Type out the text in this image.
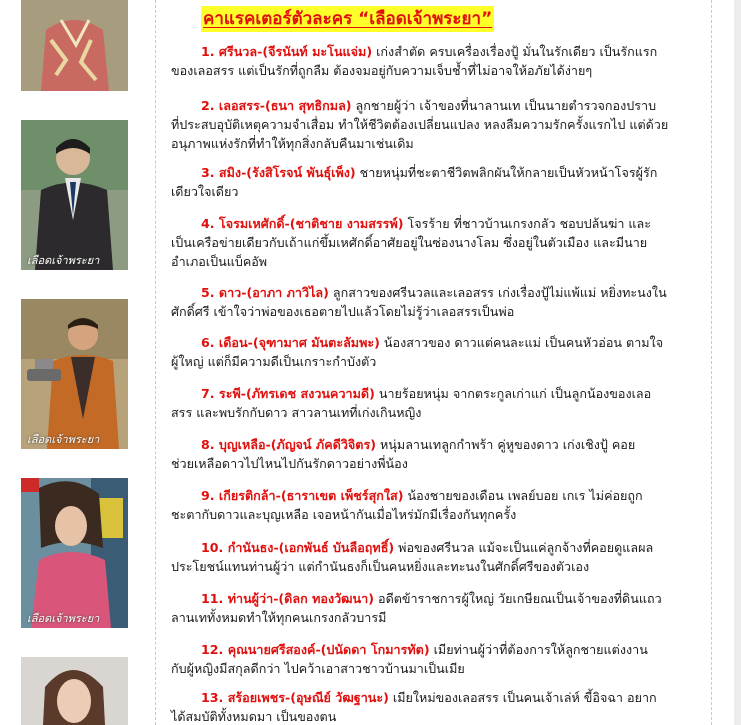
เลือดเจ้าพระยา
เลือดเจ้าพระยา
เลือดเจ้าพระยา
คาแรคเตอร์ตัวละคร “เลือดเจ้าพระยา”
1. ศรีนวล-(จีรนันท์ มะโนแจ่ม) เก่งสำตัด ครบเครื่องเรื่องปู้ มั่นในรักเดียว เป็นรักแรก
ของเลอสรร แต่เป็นรักที่ถูกลืม ต้องจมอยู่กับความเจ็บช้ำที่ไม่อาจให้อภัยได้ง่ายๆ
2. เลอสรร-(ธนา สุทธิกมล) ลูกชายผู้ว่า เจ้าของที่นาลานเท เป็นนายตำรวจกองปราบ
ที่ประสบอุบัติเหตุความจำเสื่อม ทำให้ชีวิตต้องเปลี่ยนแปลง หลงลืมความรักครั้งแรกไป แต่ด้วย
อนุภาพแห่งรักที่ทำให้ทุกสิ่งกลับคืนมาเช่นเดิม
3. สมิง-(รังสิโรจน์ พันธุ์เพ็ง) ชายหนุ่มที่ชะตาชีวิตพลิกผันให้กลายเป็นหัวหน้าโจรผู้รัก
เดียวใจเดียว
4. โจรมเหศักดิ์-(ชาติชาย งามสรรพ์) โจรร้าย ที่ชาวบ้านเกรงกลัว ชอบปล้นฆ่า และ
เป็นเครือข่ายเดียวกับเถ้าแก่ขึ้มเหศักดิ์อาศัยอยู่ในซ่องนางโลม ซึ่งอยู่ในตัวเมือง และมีนาย
อำเภอเป็นแบ็คอัพ
5. ดาว-(อาภา ภาวิไล) ลูกสาวของศรีนวลและเลอสรร เก่งเรื่องปู้ไม่แพ้แม่ หยิ่งทะนงใน
ศักดิ์ศรี เข้าใจว่าพ่อของเธอตายไปแล้วโดยไม่รู้ว่าเลอสรรเป็นพ่อ
6. เดือน-(จุฑามาศ มันตะลัมพะ) น้องสาวของ ดาวแต่คนละแม่ เป็นคนหัวอ่อน ตามใจ
ผู้ใหญ่ แต่ก็มีความดีเป็นเกราะกำบังตัว
7. ระพี-(ภัทรเดช สงวนความดี) นายร้อยหนุ่ม จากตระกูลเก่าแก่ เป็นลูกน้องของเลอ
สรร และพบรักกับดาว สาวลานเทที่เก่งเกินหญิง
8. บุญเหลือ-(ภัญจน์ ภัคดีวิจิตร) หนุ่มลานเทลูกกำพร้า คู่หูของดาว เก่งเชิงปู้ คอย
ช่วยเหลือดาวไปไหนไปกันรักดาวอย่างพี่น้อง
9. เกียรติกล้า-(ธาราเขต เพ็ชร์สุกใส) น้องชายของเดือน เพลย์บอย เกเร ไม่ค่อยถูก
ชะตากับดาวและบุญเหลือ เจอหน้ากันเมื่อไหร่มักมีเรื่องกันทุกครั้ง
10. กำนันธง-(เอกพันธ์ บันลือฤทธิ์) พ่อของศรีนวล แม้จะเป็นแค่ลูกจ้างที่คอยดูแลผล
ประโยชน์แทนท่านผู้ว่า แต่กำนันธงก็เป็นคนหยิ่งและทะนงในศักดิ์ศรีของตัวเอง
11. ท่านผู้ว่า-(ดิลก ทองวัฒนา) อดีตข้าราชการผู้ใหญ่ วัยเกษียณเป็นเจ้าของที่ดินแถว
ลานเททั้งหมดทำให้ทุกคนเกรงกลัวบารมี
12. คุณนายศรีสองค์-(ปนัดดา โกมารทัต) เมียท่านผู้ว่าที่ต้องการให้ลูกชายแต่งงาน
กับผู้หญิงมีสกุลดีกว่า ไปคว้าเอาสาวชาวบ้านมาเป็นเมีย
13. สร้อยเพชร-(อุษณีย์ วัฒฐานะ) เมียใหม่ของเลอสรร เป็นคนเจ้าเล่ห์ ขี้อิจฉา อยาก
ได้สมบัติทั้งหมดมา เป็นของตน
